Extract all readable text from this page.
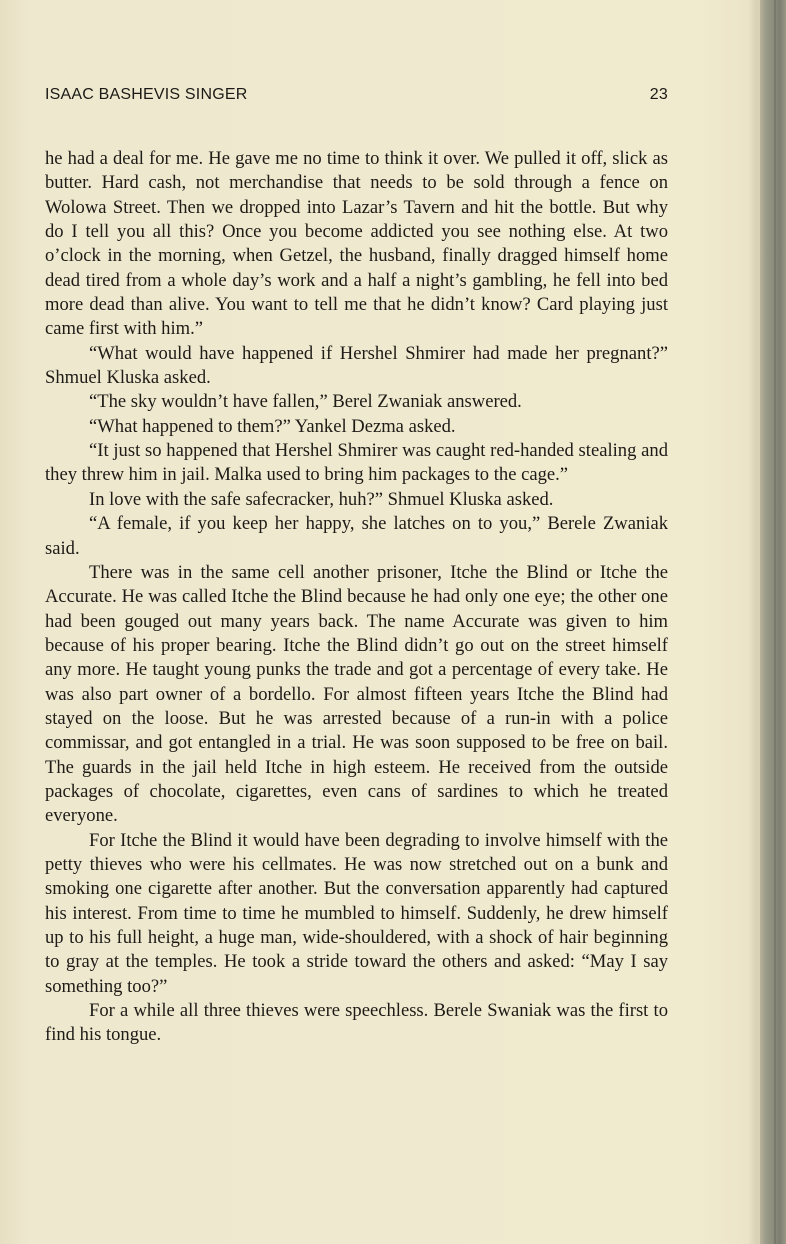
ISAAC BASHEVIS SINGER	23

he had a deal for me. He gave me no time to think it over. We pulled it off, slick as butter. Hard cash, not merchandise that needs to be sold through a fence on Wolowa Street. Then we dropped into Lazar’s Tavern and hit the bottle. But why do I tell you all this? Once you become addicted you see nothing else. At two o’clock in the morning, when Getzel, the husband, finally dragged himself home dead tired from a whole day’s work and a half a night’s gambling, he fell into bed more dead than alive. You want to tell me that he didn’t know? Card playing just came first with him.”

“What would have happened if Hershel Shmirer had made her pregnant?” Shmuel Kluska asked.

“The sky wouldn’t have fallen,” Berel Zwaniak answered.

“What happened to them?” Yankel Dezma asked.

“It just so happened that Hershel Shmirer was caught red-handed stealing and they threw him in jail. Malka used to bring him packages to the cage.”

In love with the safe safecracker, huh?” Shmuel Kluska asked.

“A female, if you keep her happy, she latches on to you,” Berele Zwaniak said.

There was in the same cell another prisoner, Itche the Blind or Itche the Accurate. He was called Itche the Blind because he had only one eye; the other one had been gouged out many years back. The name Accurate was given to him because of his proper bearing. Itche the Blind didn’t go out on the street himself any more. He taught young punks the trade and got a percentage of every take. He was also part owner of a bordello. For almost fifteen years Itche the Blind had stayed on the loose. But he was arrested because of a run-in with a police commissar, and got entangled in a trial. He was soon supposed to be free on bail. The guards in the jail held Itche in high esteem. He received from the outside packages of chocolate, cigarettes, even cans of sardines to which he treated everyone.

For Itche the Blind it would have been degrading to involve himself with the petty thieves who were his cellmates. He was now stretched out on a bunk and smoking one cigarette after another. But the conversation apparently had captured his interest. From time to time he mumbled to himself. Suddenly, he drew himself up to his full height, a huge man, wide-shouldered, with a shock of hair beginning to gray at the temples. He took a stride toward the others and asked: “May I say something too?”

For a while all three thieves were speechless. Berele Swaniak was the first to find his tongue.
